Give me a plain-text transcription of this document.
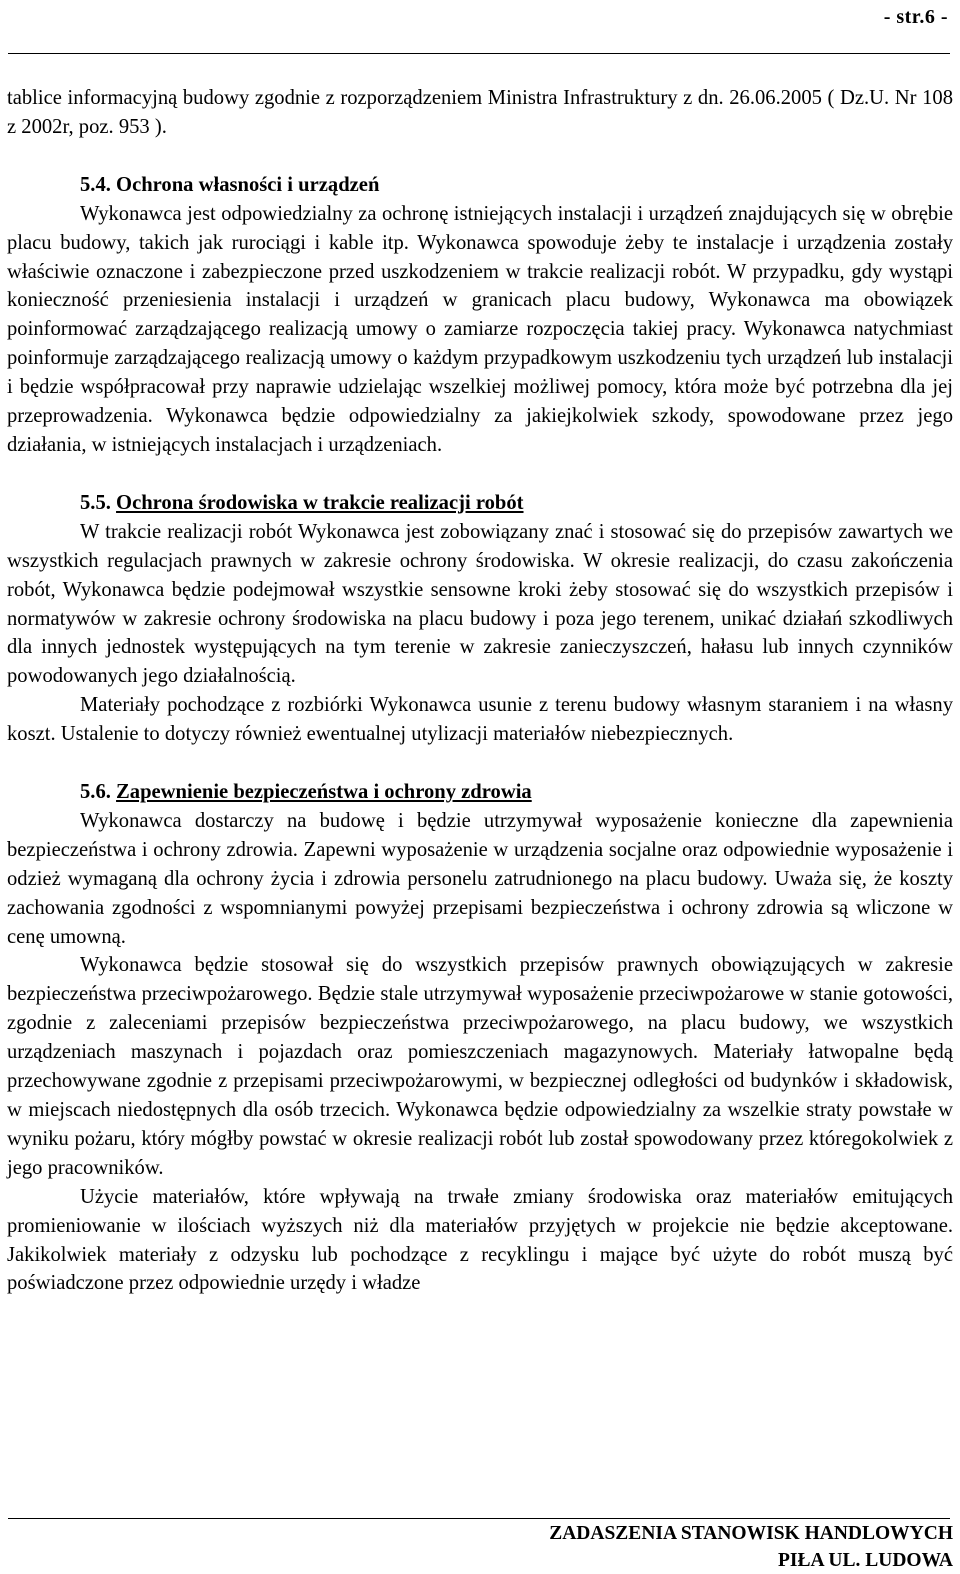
- str.6 -

tablice informacyjną budowy zgodnie z rozporządzeniem Ministra Infrastruktury z dn. 26.06.2005 ( Dz.U. Nr 108 z 2002r, poz. 953 ).

5.4. Ochrona własności i urządzeń

Wykonawca jest odpowiedzialny za ochronę istniejących instalacji i urządzeń znajdujących się w obrębie placu budowy, takich jak rurociągi i kable itp. Wykonawca spowoduje żeby te instalacje i urządzenia zostały właściwie oznaczone i zabezpieczone przed uszkodzeniem w trakcie realizacji robót. W przypadku, gdy wystąpi konieczność przeniesienia instalacji i urządzeń w granicach placu budowy, Wykonawca ma obowiązek poinformować zarządzającego realizacją umowy o zamiarze rozpoczęcia takiej pracy. Wykonawca natychmiast poinformuje zarządzającego realizacją umowy o każdym przypadkowym uszkodzeniu tych urządzeń lub instalacji i będzie współpracował przy naprawie udzielając wszelkiej możliwej pomocy, która może być potrzebna dla jej przeprowadzenia. Wykonawca będzie odpowiedzialny za jakiejkolwiek szkody, spowodowane przez jego działania, w istniejących instalacjach i urządzeniach.

5.5. Ochrona środowiska w trakcie realizacji robót

W trakcie realizacji robót Wykonawca jest zobowiązany znać i stosować się do przepisów zawartych we wszystkich regulacjach prawnych w zakresie ochrony środowiska. W okresie realizacji, do czasu zakończenia robót, Wykonawca będzie podejmował wszystkie sensowne kroki żeby stosować się do wszystkich przepisów i normatywów w zakresie ochrony środowiska na placu budowy i poza jego terenem, unikać działań szkodliwych dla innych jednostek występujących na tym terenie w zakresie zanieczyszczeń, hałasu lub innych czynników powodowanych jego działalnością.

Materiały pochodzące z rozbiórki Wykonawca usunie z terenu budowy własnym staraniem i na własny koszt. Ustalenie to dotyczy również ewentualnej utylizacji materiałów niebezpiecznych.

5.6. Zapewnienie bezpieczeństwa i ochrony zdrowia

Wykonawca dostarczy na budowę i będzie utrzymywał wyposażenie konieczne dla zapewnienia bezpieczeństwa i ochrony zdrowia. Zapewni wyposażenie w urządzenia socjalne oraz odpowiednie wyposażenie i odzież wymaganą dla ochrony życia i zdrowia personelu zatrudnionego na placu budowy. Uważa się, że koszty zachowania zgodności z wspomnianymi powyżej przepisami bezpieczeństwa i ochrony zdrowia są wliczone w cenę umowną.

Wykonawca będzie stosował się do wszystkich przepisów prawnych obowiązujących w zakresie bezpieczeństwa przeciwpożarowego. Będzie stale utrzymywał wyposażenie przeciwpożarowe w stanie gotowości, zgodnie z zaleceniami przepisów bezpieczeństwa przeciwpożarowego, na placu budowy, we wszystkich urządzeniach maszynach i pojazdach oraz pomieszczeniach magazynowych. Materiały łatwopalne będą przechowywane zgodnie z przepisami przeciwpożarowymi, w bezpiecznej odległości od budynków i składowisk, w miejscach niedostępnych dla osób trzecich. Wykonawca będzie odpowiedzialny za wszelkie straty powstałe w wyniku pożaru, który mógłby powstać w okresie realizacji robót lub został spowodowany przez któregokolwiek z jego pracowników.

Użycie materiałów, które wpływają na trwałe zmiany środowiska oraz materiałów emitujących promieniowanie w ilościach wyższych niż dla materiałów przyjętych w projekcie nie będzie akceptowane. Jakikolwiek materiały z odzysku lub pochodzące z recyklingu i mające być użyte do robót muszą być poświadczone przez odpowiednie urzędy i władze

ZADASZENIA STANOWISK HANDLOWYCH
PIŁA UL. LUDOWA
